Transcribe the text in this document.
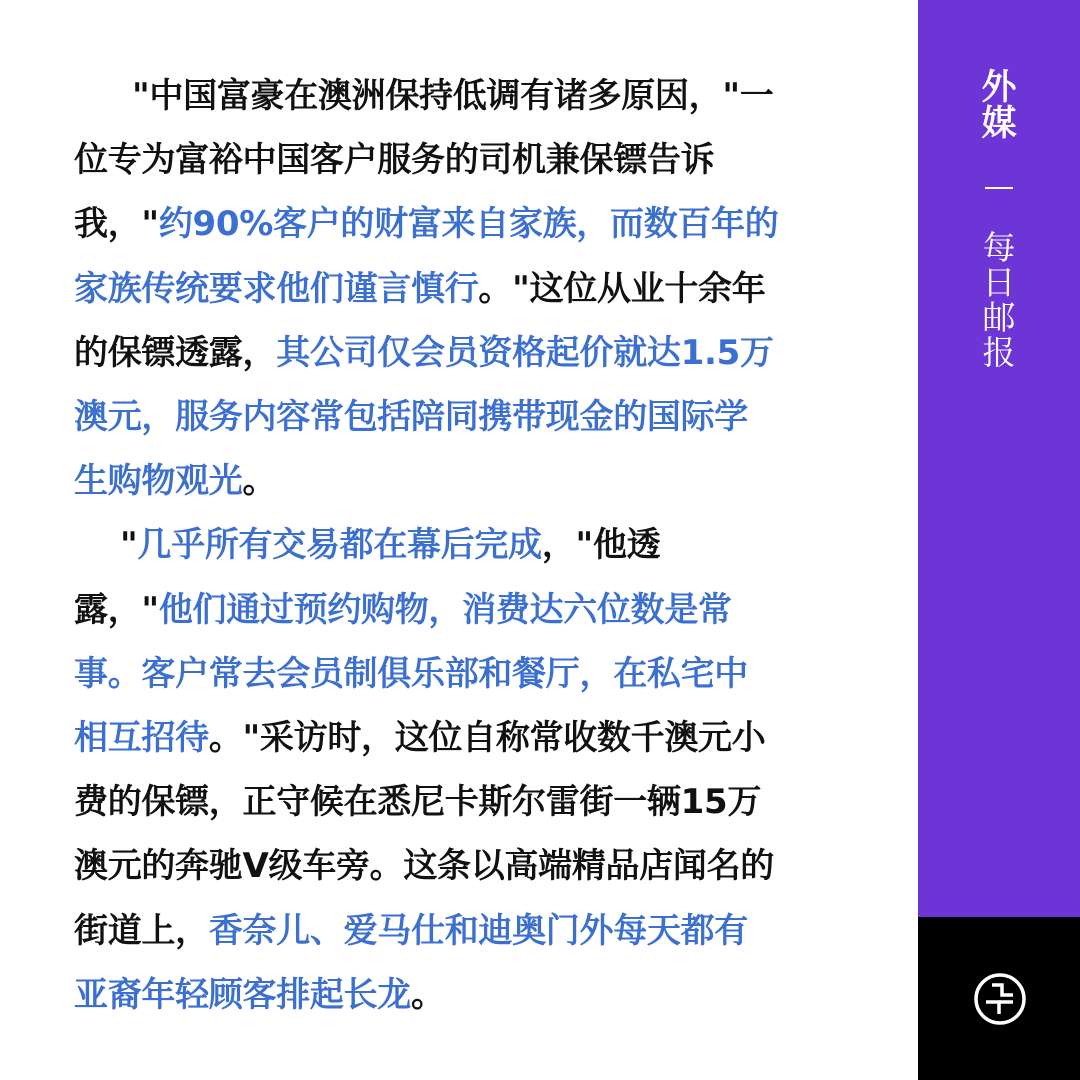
"中国富豪在澳洲保持低调有诸多原因，"一
位专为富裕中国客户服务的司机兼保镖告诉
我，"约90%客户的财富来自家族，而数百年的
家族传统要求他们谨言慎行。"这位从业十余年
的保镖透露，其公司仅会员资格起价就达1.5万
澳元，服务内容常包括陪同携带现金的国际学
生购物观光。

"几乎所有交易都在幕后完成，"他透
露，"他们通过预约购物，消费达六位数是常
事。客户常去会员制俱乐部和餐厅，在私宅中
相互招待。"采访时，这位自称常收数千澳元小
费的保镖，正守候在悉尼卡斯尔雷街一辆15万
澳元的奔驰V级车旁。这条以高端精品店闻名的
街道上，香奈儿、爱马仕和迪奥门外每天都有
亚裔年轻顾客排起长龙。

外
媒
每
日
邮
报
